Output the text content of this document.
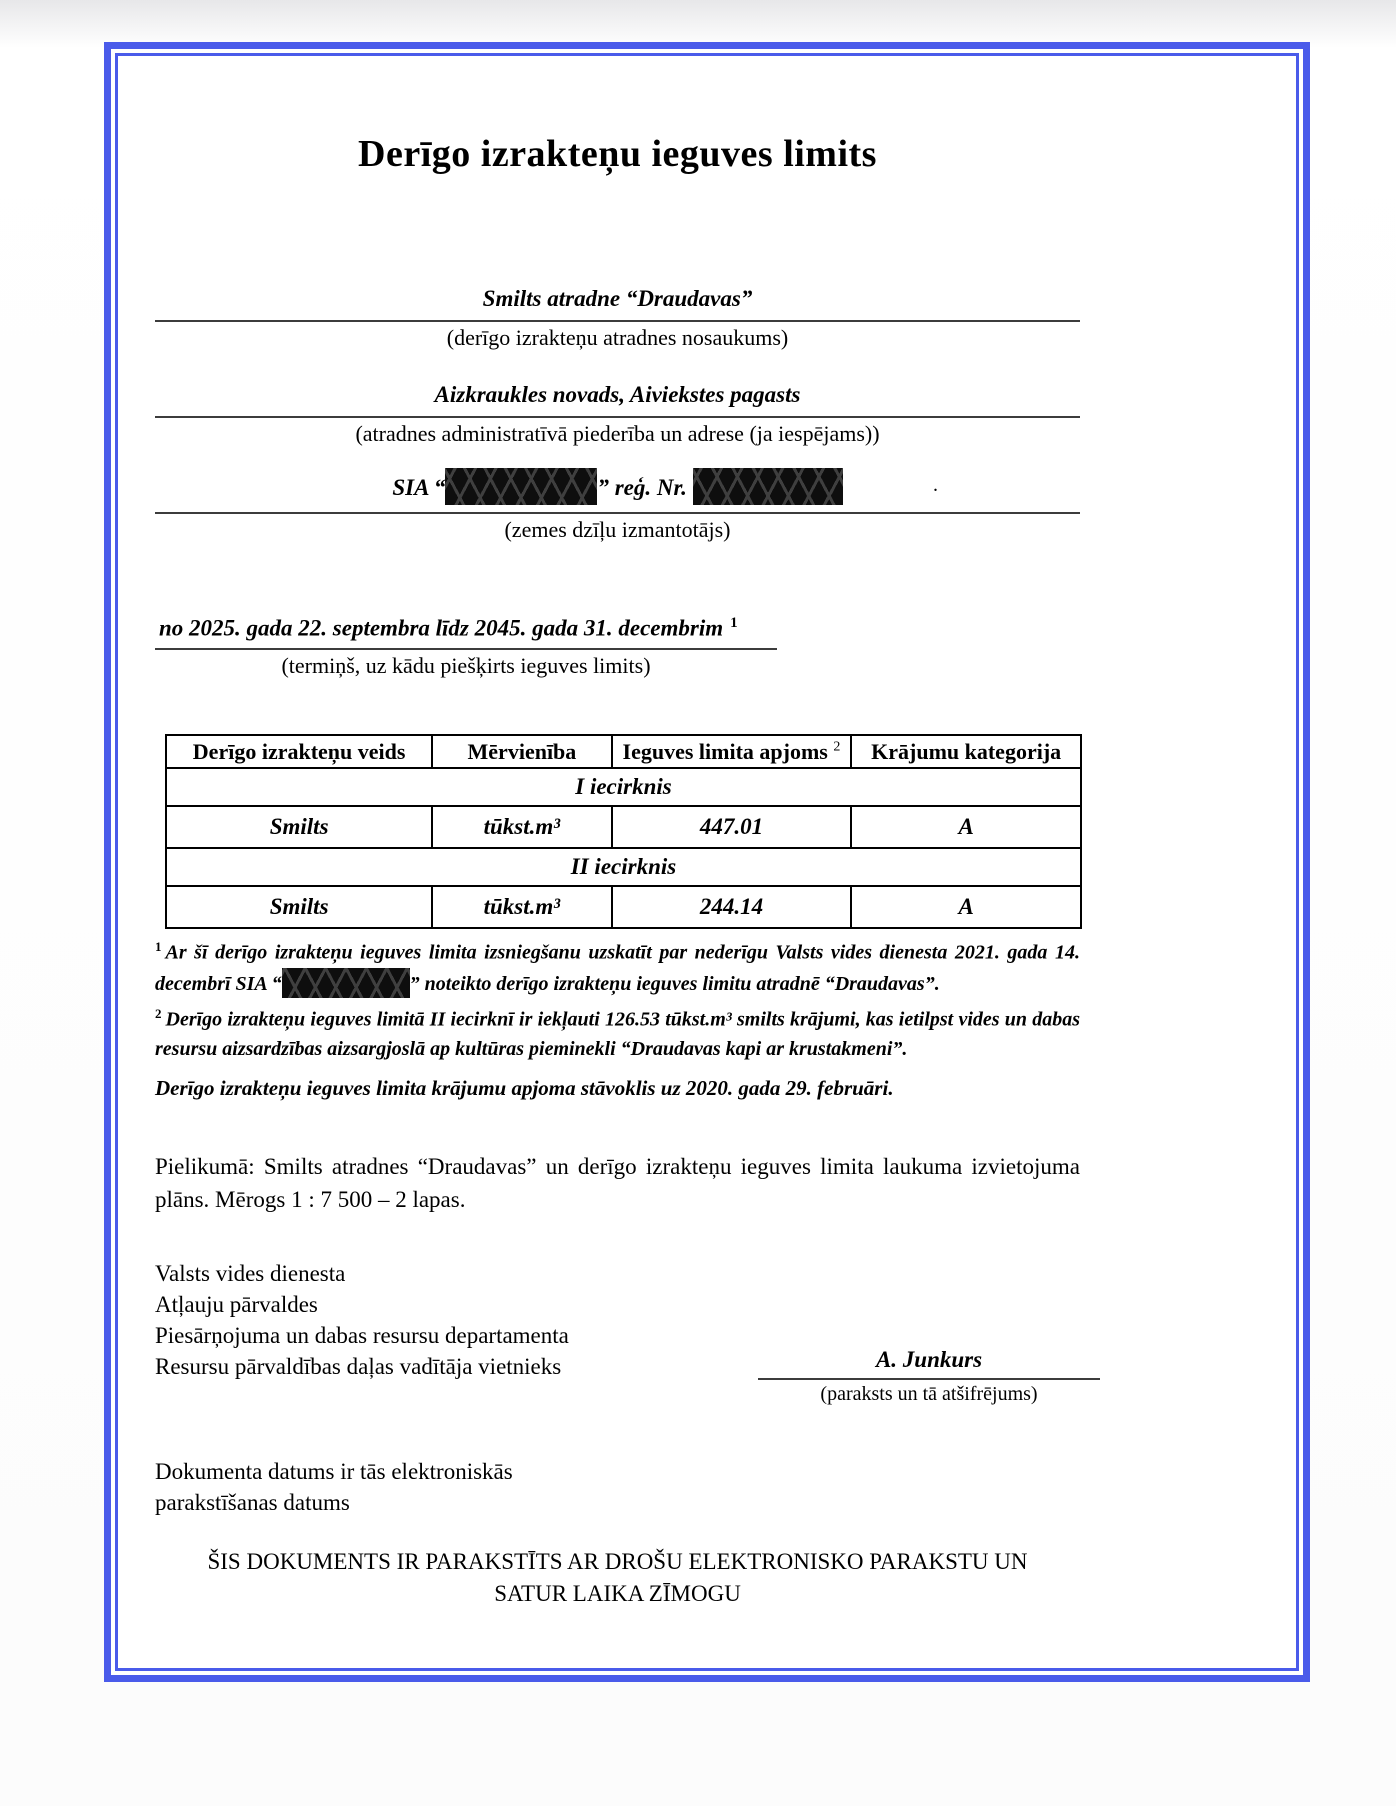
Derīgo izrakteņu ieguves limits
Smilts atradne “Draudavas”
(derīgo izrakteņu atradnes nosaukums)
Aizkraukles novads, Aiviekstes pagasts
(atradnes administratīvā piederība un adrese (ja iespējams))
SIA “	” reģ. Nr.
(zemes dzīļu izmantotājs)
.
no 2025. gada 22. septembra līdz 2045. gada 31. decembrim $^1$
(termiņš, uz kādu piešķirts ieguves limits)
Derīgo izrakteņu veids	Mērvienība	Ieguves limita apjoms $^2$	Krājumu kategorija
I iecirknis			
Smilts	tūkst.m³	447.01	A
II iecirknis			
Smilts	tūkst.m³	244.14	A

$^1$ Ar šī derīgo izrakteņu ieguves limita izsniegšanu uzskatīt par nederīgu Valsts vides dienesta 2021. gada 14. decembrī SIA “	” noteikto derīgo izrakteņu ieguves limitu atradnē “Draudavas”.

$^2$ Derīgo izrakteņu ieguves limitā II iecirknī ir iekļauti 126.53 tūkst.m³ smilts krājumi, kas ietilpst vides un dabas resursu aizsardzības aizsargjoslā ap kultūras pieminekli “Draudavas kapi ar krustakmeni”.

Derīgo izrakteņu ieguves limita krājumu apjoma stāvoklis uz 2020. gada 29. februāri.
Pielikumā: Smilts atradnes “Draudavas” un derīgo izrakteņu ieguves limita laukuma izvietojuma plāns. Mērogs 1 : 7 500 – 2 lapas.
Valsts vides dienesta
Atļauju pārvaldes
Piesārņojuma un dabas resursu departamenta
Resursu pārvaldības daļas vadītāja vietnieks	A. Junkurs
(paraksts un tā atšifrējums)
Dokumenta datums ir tās elektroniskās
parakstīšanas datums
ŠIS DOKUMENTS IR PARAKSTĪTS AR DROŠU ELEKTRONISKO PARAKSTU UN
SATUR LAIKA ZĪMOGU
